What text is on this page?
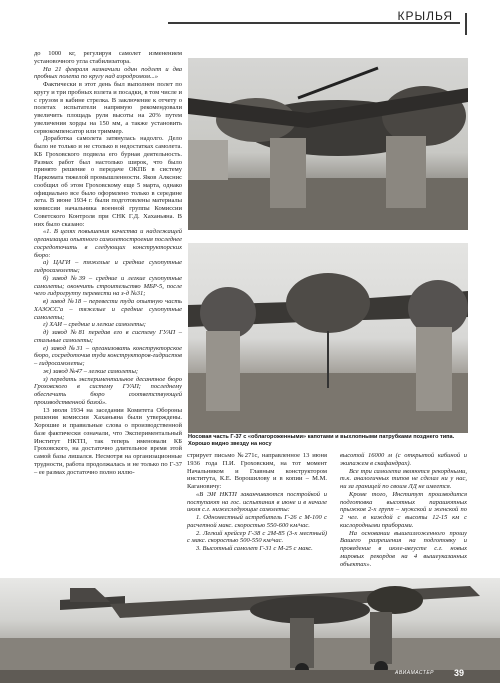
КРЫЛЬЯ

до 1000 кг, регулируя самолет изменением установочного угла стабилизатора.

На 21 февраля назначили один подлет и два пробных полета по кругу над аэродромом...»

Фактически в этот день был выполнен полет по кругу и три пробных взлета и посадки, в том числе и с грузом в кабине стрелка. В заключение к отчету о полетах испытатели напрямую рекомендовали увеличить площадь руля высоты на 20% путем увеличения хорды на 150 мм, а также установить сервокомпенсатор или триммер.

Доработка самолета затянулась надолго. Дело было не только и не столько в недостатках самолета. КБ Гроховского подвела его бурная деятельность. Размах работ был настолько широк, что было принято решение о передаче ОКПБ в систему Наркомата тяжелой промышленности. Яков Алкснис сообщил об этом Гроховскому еще 5 марта, однако официально все было оформлено только в середине лета. В июне 1934 г. были подготовлены материалы комиссии начальника военной группы Комиссии Советского Контроля при СНК Г.Д. Хаханьяна. В них было сказано:

«1. В целях повышения качества и надлежащей организации опытного самолетостроения последнее сосредоточить в следующих конструкторских бюро:

а) ЦАГИ – тяжелые и средние сухопутные гидросамолеты;

б) завод №39 – средние и легкие сухопутные самолеты; окончить строительство МБР-5, после чего гидрогруппу перевести на з-д №31;

в) завод №18 – перевести туда опытную часть ХАЗОСС'а – тяжелые и средние сухопутные самолеты;

г) ХАИ – средние и легкие самолеты;

д) завод №81 передав его в систему ГУАП – стальные самолеты;

е) завод №31 – организовать конструкторское бюро, сосредоточив туда конструкторов-гидристов – гидросамолеты;

ж) завод №47 – легкие самолеты;

з) передать экспериментальное десантное бюро Гроховского в систему ГУАП; последнему обеспечить бюро соответствующей производственной базой».

13 июля 1934 на заседании Комитета Обороны решения комиссии Хаханьяна были утверждены. Хорошие и правильные слова о производственной базе фактически означали, что Экспериментальный Институт НКТП, так теперь именовали КБ Гроховского, на достаточно длительное время этой самой базы лишался. Несмотря на организационные трудности, работа продолжалась и не только по Г-37 – ее размах достаточно полно иллю-

Носовая часть Г-37 с «облагороженными» капотами и выхлопными патрубками позднего типа. Хорошо видно звезду на носу

стрирует письмо №271с, направленное 13 июня 1936 года П.И. Гроховским, на тот момент Начальником и Главным конструктором института, К.Е. Ворошилову и в копии – М.М. Кагановичу:

«В ЭИ НКТП заканчиваются постройкой и поступают на гос. испытания в июне и в начале июля с.г. нижеследующие самолеты:

1. Одноместный истребитель Г-26 с М-100 с расчетной макс. скоростью 550-600 км/час.

2. Легкий крейсер Г-38 с 2М-85 (3-х местный) с макс. скоростью 500-550 км/час.

3. Высотный самолет Г-31 с М-25 с макс.

высотой 16000 м (с открытой кабиной и экипажем в скафандрах).

Все три самолета являются рекордными, т.к. аналогичных типов не сделал ни у нас, ни за границей по своим ЛД не имеется.

Кроме того, Институт производится подготовка высотных парашютных прыжков 2-х групп – мужской и женской по 2 чел. в каждой с высоты 12-15 км с кислородными приборами.

На основании вышеизложенного прошу Вашего разрешения на подготовку и проведение в июле-августе с.г. новых мировых рекордов на 4 вышеуказанных объектах».

АВИАМАСТЕР 39
